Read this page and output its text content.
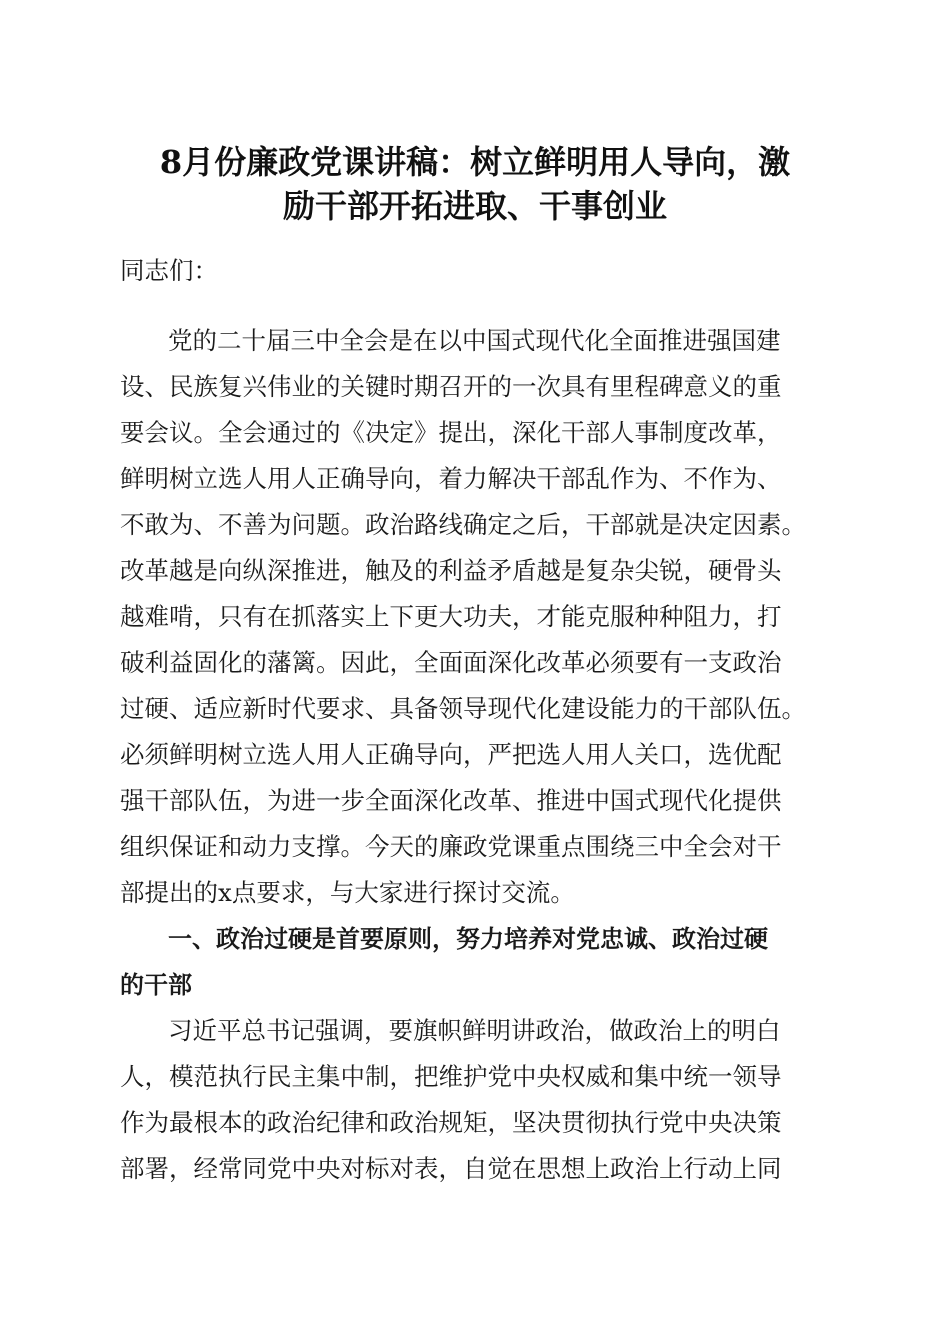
8月份廉政党课讲稿：树立鲜明用人导向，激
励干部开拓进取、干事创业
同志们：
党的二十届三中全会是在以中国式现代化全面推进强国建
设、民族复兴伟业的关键时期召开的一次具有里程碑意义的重
要会议。全会通过的《决定》提出，深化干部人事制度改革，
鲜明树立选人用人正确导向，着力解决干部乱作为、不作为、
不敢为、不善为问题。政治路线确定之后，干部就是决定因素。
改革越是向纵深推进，触及的利益矛盾越是复杂尖锐，硬骨头
越难啃，只有在抓落实上下更大功夫，才能克服种种阻力，打
破利益固化的藩篱。因此，全面面深化改革必须要有一支政治
过硬、适应新时代要求、具备领导现代化建设能力的干部队伍。
必须鲜明树立选人用人正确导向，严把选人用人关口，选优配
强干部队伍，为进一步全面深化改革、推进中国式现代化提供
组织保证和动力支撑。今天的廉政党课重点围绕三中全会对干
部提出的x点要求，与大家进行探讨交流。
一、政治过硬是首要原则，努力培养对党忠诚、政治过硬
的干部
习近平总书记强调，要旗帜鲜明讲政治，做政治上的明白
人，模范执行民主集中制，把维护党中央权威和集中统一领导
作为最根本的政治纪律和政治规矩，坚决贯彻执行党中央决策
部署，经常同党中央对标对表，自觉在思想上政治上行动上同
